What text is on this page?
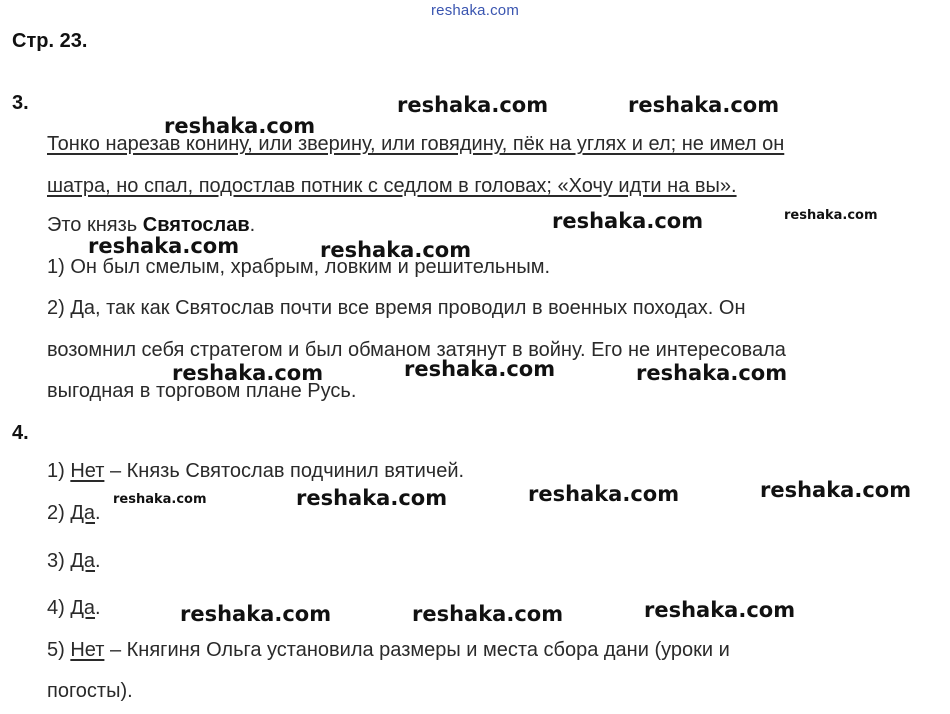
reshaka.com
Стр. 23.
3.
Тонко нарезав конину, или зверину, или говядину, пёк на углях и ел; не имел он
шатра, но спал, подостлав потник с седлом в головах; «Хочу идти на вы».
Это князь Святослав.
1) Он был смелым, храбрым, ловким и решительным.
2) Да, так как Святослав почти все время проводил в военных походах. Он
возомнил себя стратегом и был обманом затянут в войну. Его не интересовала
выгодная в торговом плане Русь.
4.
1) Нет – Князь Святослав подчинил вятичей.
2) Да.
3) Да.
4) Да.
5) Нет – Княгиня Ольга установила размеры и места сбора дани (уроки и
погосты).
reshaka.com	reshaka.com
reshaka.com
reshaka.com	reshaka.com
reshaka.com	reshaka.com
reshaka.com
reshaka.com	reshaka.com
reshaka.com
reshaka.com
reshaka.com
reshaka.com
reshaka.com
reshaka.com	reshaka.com
